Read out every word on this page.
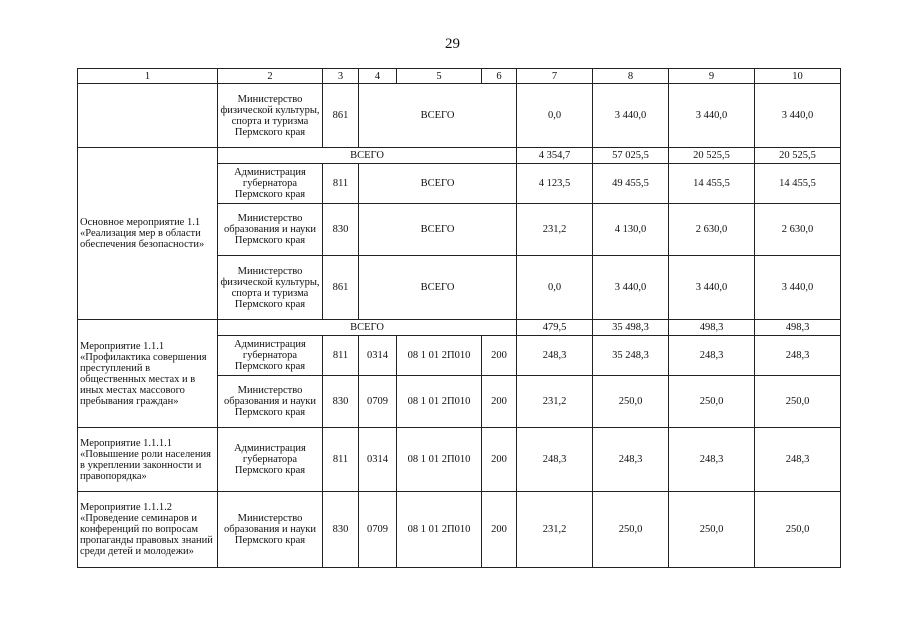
29
1	2	3	4	5	6	7	8	9	10
	Министерство физической культуры, спорта и туризма Пермского края	861	ВСЕГО			0,0	3 440,0	3 440,0	3 440,0
Основное мероприятие 1.1 «Реализация мер в области обеспечения безопасности»	ВСЕГО					4 354,7	57 025,5	20 525,5	20 525,5
	Администрация губернатора Пермского края	811	ВСЕГО			4 123,5	49 455,5	14 455,5	14 455,5
	Министерство образования и науки Пермского края	830	ВСЕГО			231,2	4 130,0	2 630,0	2 630,0
	Министерство физической культуры, спорта и туризма Пермского края	861	ВСЕГО			0,0	3 440,0	3 440,0	3 440,0
Мероприятие 1.1.1 «Профилактика совершения преступлений в общественных местах и в иных местах массового пребывания граждан»	ВСЕГО					479,5	35 498,3	498,3	498,3
	Администрация губернатора Пермского края	811	0314	08 1 01 2П010	200	248,3	35 248,3	248,3	248,3
	Министерство образования и науки Пермского края	830	0709	08 1 01 2П010	200	231,2	250,0	250,0	250,0
Мероприятие 1.1.1.1 «Повышение роли населения в укреплении законности и правопорядка»	Администрация губернатора Пермского края	811	0314	08 1 01 2П010	200	248,3	248,3	248,3	248,3
Мероприятие 1.1.1.2 «Проведение семинаров и конференций по вопросам пропаганды правовых знаний среди детей и молодежи»	Министерство образования и науки Пермского края	830	0709	08 1 01 2П010	200	231,2	250,0	250,0	250,0
